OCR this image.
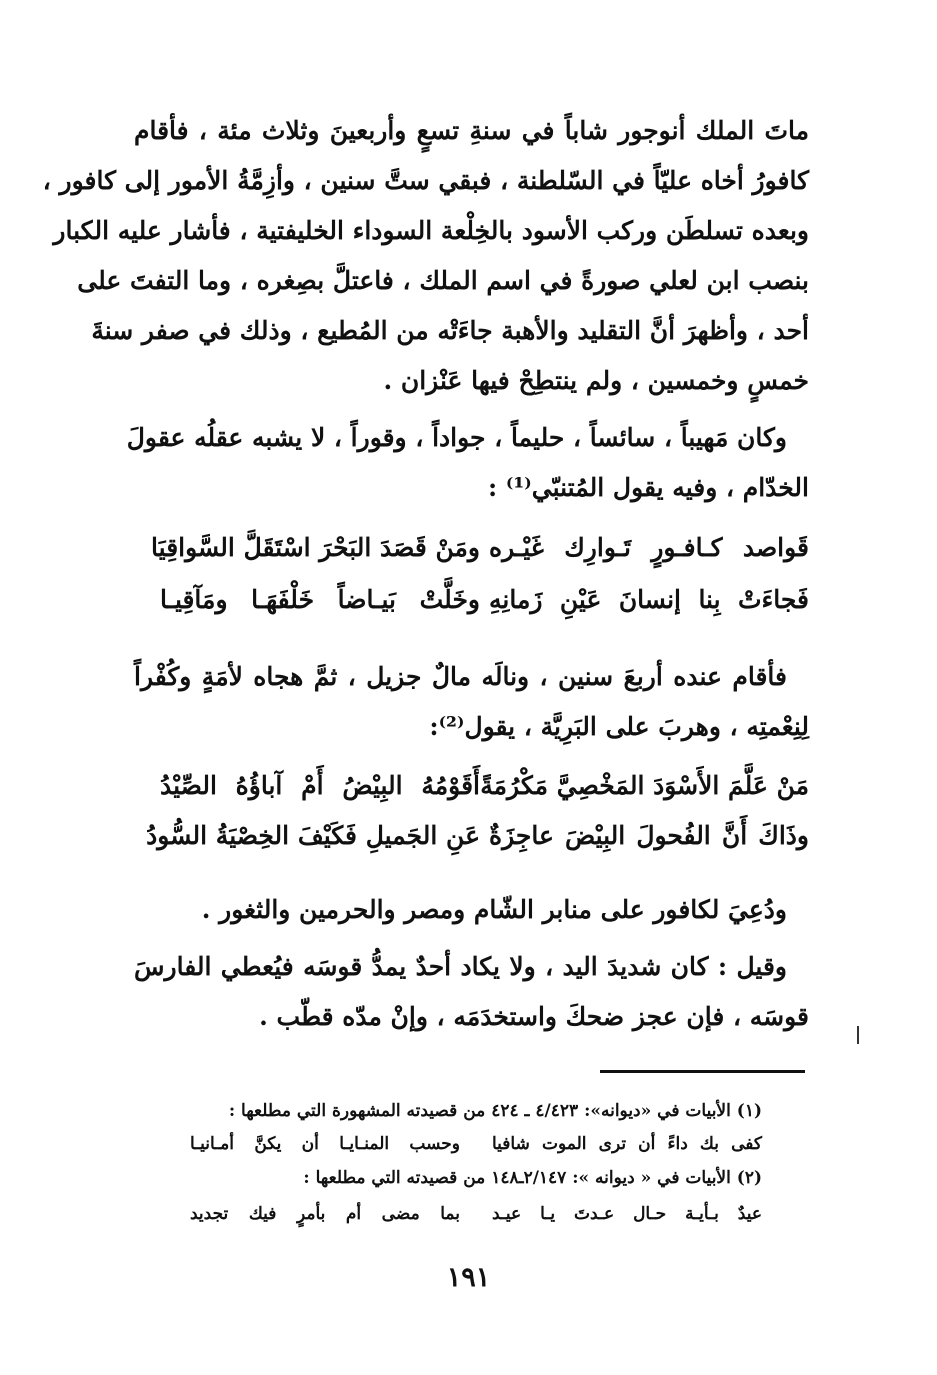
ماتَ الملك أنوجور شاباً في سنةِ تسعٍ وأربعينَ وثلاث مئة ، فأقام
كافورُ أخاه عليّاً في السّلطنة ، فبقي ستَّ سنين ، وأزِمَّةُ الأمور إلى كافور ،
وبعده تسلطَن وركب الأسود بالخِلْعة السوداء الخليفتية ، فأشار عليه الكبار
بنصب ابن لعلي صورةً في اسم الملك ، فاعتلَّ بصِغره ، وما التفتَ على
أحد ، وأظهرَ أنَّ التقليد والأهبة جاءَتْه من المُطيع ، وذلك في صفر سنةَ
خمسٍ وخمسين ، ولم ينتطِحْ فيها عَنْزان .
وكان مَهيباً ، سائساً ، حليماً ، جواداً ، وقوراً ، لا يشبه عقلُه عقولَ
الخدّام ، وفيه يقول المُتنبّي⁽¹⁾ :
قَواصد كـافـورٍ تَـوارِك غَيْـره
ومَنْ قَصَدَ البَحْرَ اسْتَقَلَّ السَّواقِيَا
فَجاءَتْ بِنا إنسانَ عَيْنِ زَمانِهِ
وخَلَّتْ بَيـاضاً خَلْفَهَـا ومَآقِيـا
فأقام عنده أربعَ سنين ، ونالَه مالٌ جزيل ، ثمَّ هجاه لأمَةٍ وكُفْراً
لِنِعْمتِه ، وهربَ على البَرِيَّة ، يقول⁽²⁾:
مَنْ عَلَّمَ الأَسْوَدَ المَخْصِيَّ مَكْرُمَةً
أَقَوْمُهُ البِيْضُ أَمْ آباؤُهُ الصِّيْدُ
وذَاكَ أَنَّ الفُحولَ البِيْضَ عاجِزَةٌ
عَنِ الجَميلِ فَكَيْفَ الخِصْيَةُ السُّودُ
ودُعِيَ لكافور على منابر الشّام ومصر والحرمين والثغور .
وقيل : كان شديدَ اليد ، ولا يكاد أحدٌ يمدُّ قوسَه فيُعطي الفارسَ
قوسَه ، فإن عجز ضحكَ واستخدَمَه ، وإنْ مدّه قطّب .
(١) الأبيات في «ديوانه»: ٤/٤٢٣ ـ ٤٢٤ من قصيدته المشهورة التي مطلعها :
كفى بك داءً أن ترى الموت شافيا
وحسب المنـايـا أن يكنَّ أمـانيـا
(٢) الأبيات في « ديوانه »: ٢/١٤٧ـ١٤٨ من قصيدته التي مطلعها :
عيدٌ بـأيـة حـال عـدتَ يـا عيـد
بما مضى أم بأمرٍ فيك تجديد
١٩١
